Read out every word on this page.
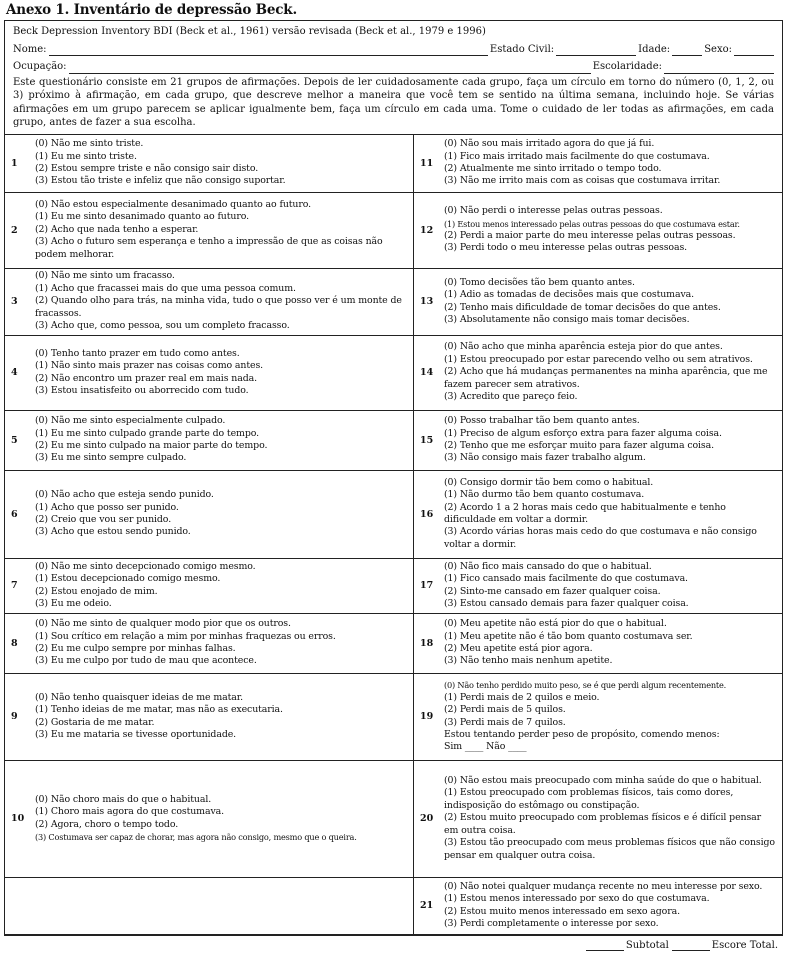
Anexo 1. Inventário de depressão Beck.
Beck Depression Inventory BDI (Beck et al., 1961) versão revisada (Beck et al., 1979 e 1996)
Nome:	Estado Civil:	Idade:	Sexo:
Ocupação:	Escolaridade:
Este questionário consiste em 21 grupos de afirmações. Depois de ler cuidadosamente cada grupo, faça um círculo em torno do número (0, 1, 2, ou 3) próximo à afirmação, em cada grupo, que descreve melhor a maneira que você tem se sentido na última semana, incluindo hoje. Se várias afirmações em um grupo parecem se aplicar igualmente bem, faça um círculo em cada uma. Tome o cuidado de ler todas as afirmações, em cada grupo, antes de fazer a sua escolha.
1
(0) Não me sinto triste.
(1) Eu me sinto triste.
(2) Estou sempre triste e não consigo sair disto.
(3) Estou tão triste e infeliz que não consigo suportar.
11
(0) Não sou mais irritado agora do que já fui.
(1) Fico mais irritado mais facilmente do que costumava.
(2) Atualmente me sinto irritado o tempo todo.
(3) Não me irrito mais com as coisas que costumava irritar.
2
(0) Não estou especialmente desanimado quanto ao futuro.
(1) Eu me sinto desanimado quanto ao futuro.
(2) Acho que nada tenho a esperar.
(3) Acho o futuro sem esperança e tenho a impressão de que as coisas não podem melhorar.
12
(0) Não perdi o interesse pelas outras pessoas.
(1) Estou menos interessado pelas outras pessoas do que costumava estar.
(2) Perdi a maior parte do meu interesse pelas outras pessoas.
(3) Perdi todo o meu interesse pelas outras pessoas.
3
(0) Não me sinto um fracasso.
(1) Acho que fracassei mais do que uma pessoa comum.
(2) Quando olho para trás, na minha vida, tudo o que posso ver é um monte de fracassos.
(3) Acho que, como pessoa, sou um completo fracasso.
13
(0) Tomo decisões tão bem quanto antes.
(1) Adio as tomadas de decisões mais que costumava.
(2) Tenho mais dificuldade de tomar decisões do que antes.
(3) Absolutamente não consigo mais tomar decisões.
4
(0) Tenho tanto prazer em tudo como antes.
(1) Não sinto mais prazer nas coisas como antes.
(2) Não encontro um prazer real em mais nada.
(3) Estou insatisfeito ou aborrecido com tudo.
14
(0) Não acho que minha aparência esteja pior do que antes.
(1) Estou preocupado por estar parecendo velho ou sem atrativos.
(2) Acho que há mudanças permanentes na minha aparência, que me fazem parecer sem atrativos.
(3) Acredito que pareço feio.
5
(0) Não me sinto especialmente culpado.
(1) Eu me sinto culpado grande parte do tempo.
(2) Eu me sinto culpado na maior parte do tempo.
(3) Eu me sinto sempre culpado.
15
(0) Posso trabalhar tão bem quanto antes.
(1) Preciso de algum esforço extra para fazer alguma coisa.
(2) Tenho que me esforçar muito para fazer alguma coisa.
(3) Não consigo mais fazer trabalho algum.
6
(0) Não acho que esteja sendo punido.
(1) Acho que posso ser punido.
(2) Creio que vou ser punido.
(3) Acho que estou sendo punido.
16
(0) Consigo dormir tão bem como o habitual.
(1) Não durmo tão bem quanto costumava.
(2) Acordo 1 a 2 horas mais cedo que habitualmente e tenho dificuldade em voltar a dormir.
(3) Acordo várias horas mais cedo do que costumava e não consigo voltar a dormir.
7
(0) Não me sinto decepcionado comigo mesmo.
(1) Estou decepcionado comigo mesmo.
(2) Estou enojado de mim.
(3) Eu me odeio.
17
(0) Não fico mais cansado do que o habitual.
(1) Fico cansado mais facilmente do que costumava.
(2) Sinto-me cansado em fazer qualquer coisa.
(3) Estou cansado demais para fazer qualquer coisa.
8
(0) Não me sinto de qualquer modo pior que os outros.
(1) Sou crítico em relação a mim por minhas fraquezas ou erros.
(2) Eu me culpo sempre por minhas falhas.
(3) Eu me culpo por tudo de mau que acontece.
18
(0) Meu apetite não está pior do que o habitual.
(1) Meu apetite não é tão bom quanto costumava ser.
(2) Meu apetite está pior agora.
(3) Não tenho mais nenhum apetite.
9
(0) Não tenho quaisquer ideias de me matar.
(1) Tenho ideias de me matar, mas não as executaria.
(2) Gostaria de me matar.
(3) Eu me mataria se tivesse oportunidade.
19
(0) Não tenho perdido muito peso, se é que perdi algum recentemente.
(1) Perdi mais de 2 quilos e meio.
(2) Perdi mais de 5 quilos.
(3) Perdi mais de 7 quilos.
Estou tentando perder peso de propósito, comendo menos:
Sim ____ Não ____
10
(0) Não choro mais do que o habitual.
(1) Choro mais agora do que costumava.
(2) Agora, choro o tempo todo.
(3) Costumava ser capaz de chorar, mas agora não consigo, mesmo que o queira.
20
(0) Não estou mais preocupado com minha saúde do que o habitual.
(1) Estou preocupado com problemas físicos, tais como dores, indisposição do estômago ou constipação.
(2) Estou muito preocupado com problemas físicos e é difícil pensar em outra coisa.
(3) Estou tão preocupado com meus problemas físicos que não consigo pensar em qualquer outra coisa.
21
(0) Não notei qualquer mudança recente no meu interesse por sexo.
(1) Estou menos interessado por sexo do que costumava.
(2) Estou muito menos interessado em sexo agora.
(3) Perdi completamente o interesse por sexo.
Subtotal	Escore Total.
